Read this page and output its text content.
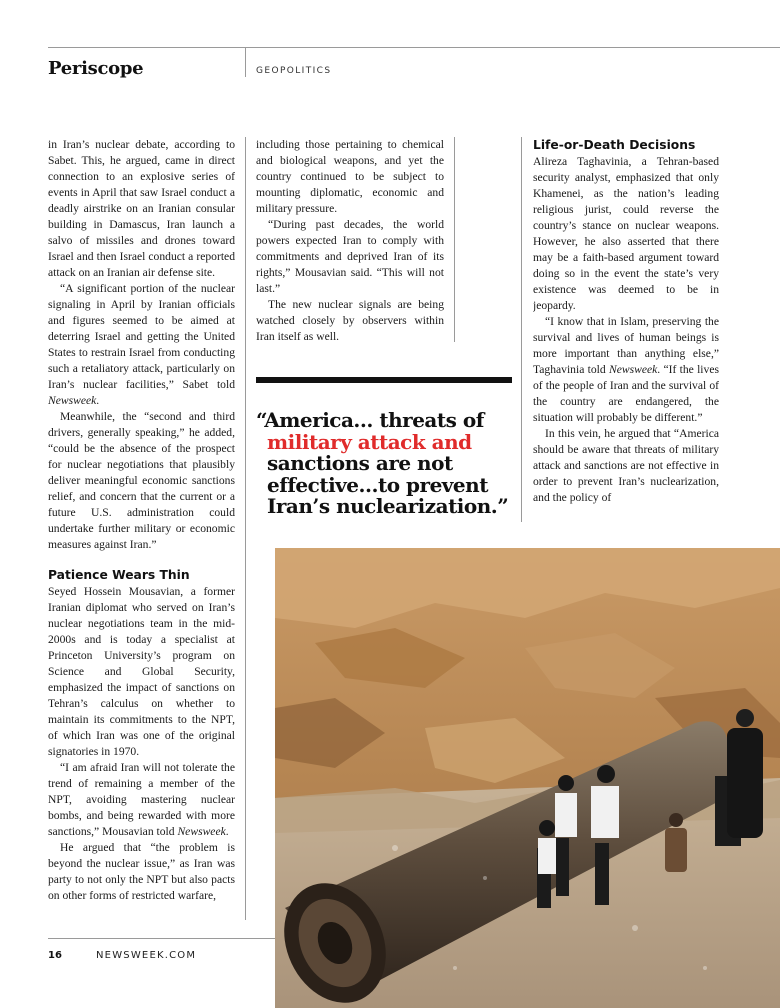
Periscope	GEOPOLITICS

in Iran’s nuclear debate, according to Sabet. This, he argued, came in direct connection to an explosive series of events in April that saw Israel conduct a deadly airstrike on an Iranian consular building in Damascus, Iran launch a salvo of missiles and drones toward Israel and then Israel conduct a reported attack on an Iranian air defense site.

“A significant portion of the nuclear signaling in April by Iranian officials and figures seemed to be aimed at deterring Israel and getting the United States to restrain Israel from conducting such a retaliatory attack, particularly on Iran’s nuclear facilities,” Sabet told Newsweek.

Meanwhile, the “second and third drivers, generally speaking,” he added, “could be the absence of the prospect for nuclear negotiations that plausibly deliver meaningful economic sanctions relief, and concern that the current or a future U.S. administration could undertake further military or economic measures against Iran.”

Patience Wears Thin

Seyed Hossein Mousavian, a former Iranian diplomat who served on Iran’s nuclear negotiations team in the mid-2000s and is today a specialist at Princeton University’s program on Science and Global Security, emphasized the impact of sanctions on Tehran’s calculus on whether to maintain its commitments to the NPT, of which Iran was one of the original signatories in 1970.

“I am afraid Iran will not tolerate the trend of remaining a member of the NPT, avoiding mastering nuclear bombs, and being rewarded with more sanctions,” Mousavian told Newsweek.

He argued that “the problem is beyond the nuclear issue,” as Iran was party to not only the NPT but also pacts on other forms of restricted warfare,

including those pertaining to chemical and biological weapons, and yet the country continued to be subject to mounting diplomatic, economic and military pressure.

“During past decades, the world powers expected Iran to comply with commitments and deprived Iran of its rights,” Mousavian said. “This will not last.”

The new nuclear signals are being watched closely by observers within Iran itself as well.

“America… threats of
military attack and
sanctions are not
effective…to prevent
Iran’s nuclearization.”
Life-or-Death Decisions

Alireza Taghavinia, a Tehran-based security analyst, emphasized that only Khamenei, as the nation’s leading religious jurist, could reverse the country’s stance on nuclear weapons. However, he also asserted that there may be a faith-based argument toward doing so in the event the state’s very existence was deemed to be in jeopardy.

“I know that in Islam, preserving the survival and lives of human beings is more important than anything else,” Taghavinia told Newsweek. “If the lives of the people of Iran and the survival of the country are endangered, the situation will probably be different.”

In this vein, he argued that “America should be aware that threats of military attack and sanctions are not effective in order to prevent Iran’s nuclearization, and the policy of

16	NEWSWEEK.COM
